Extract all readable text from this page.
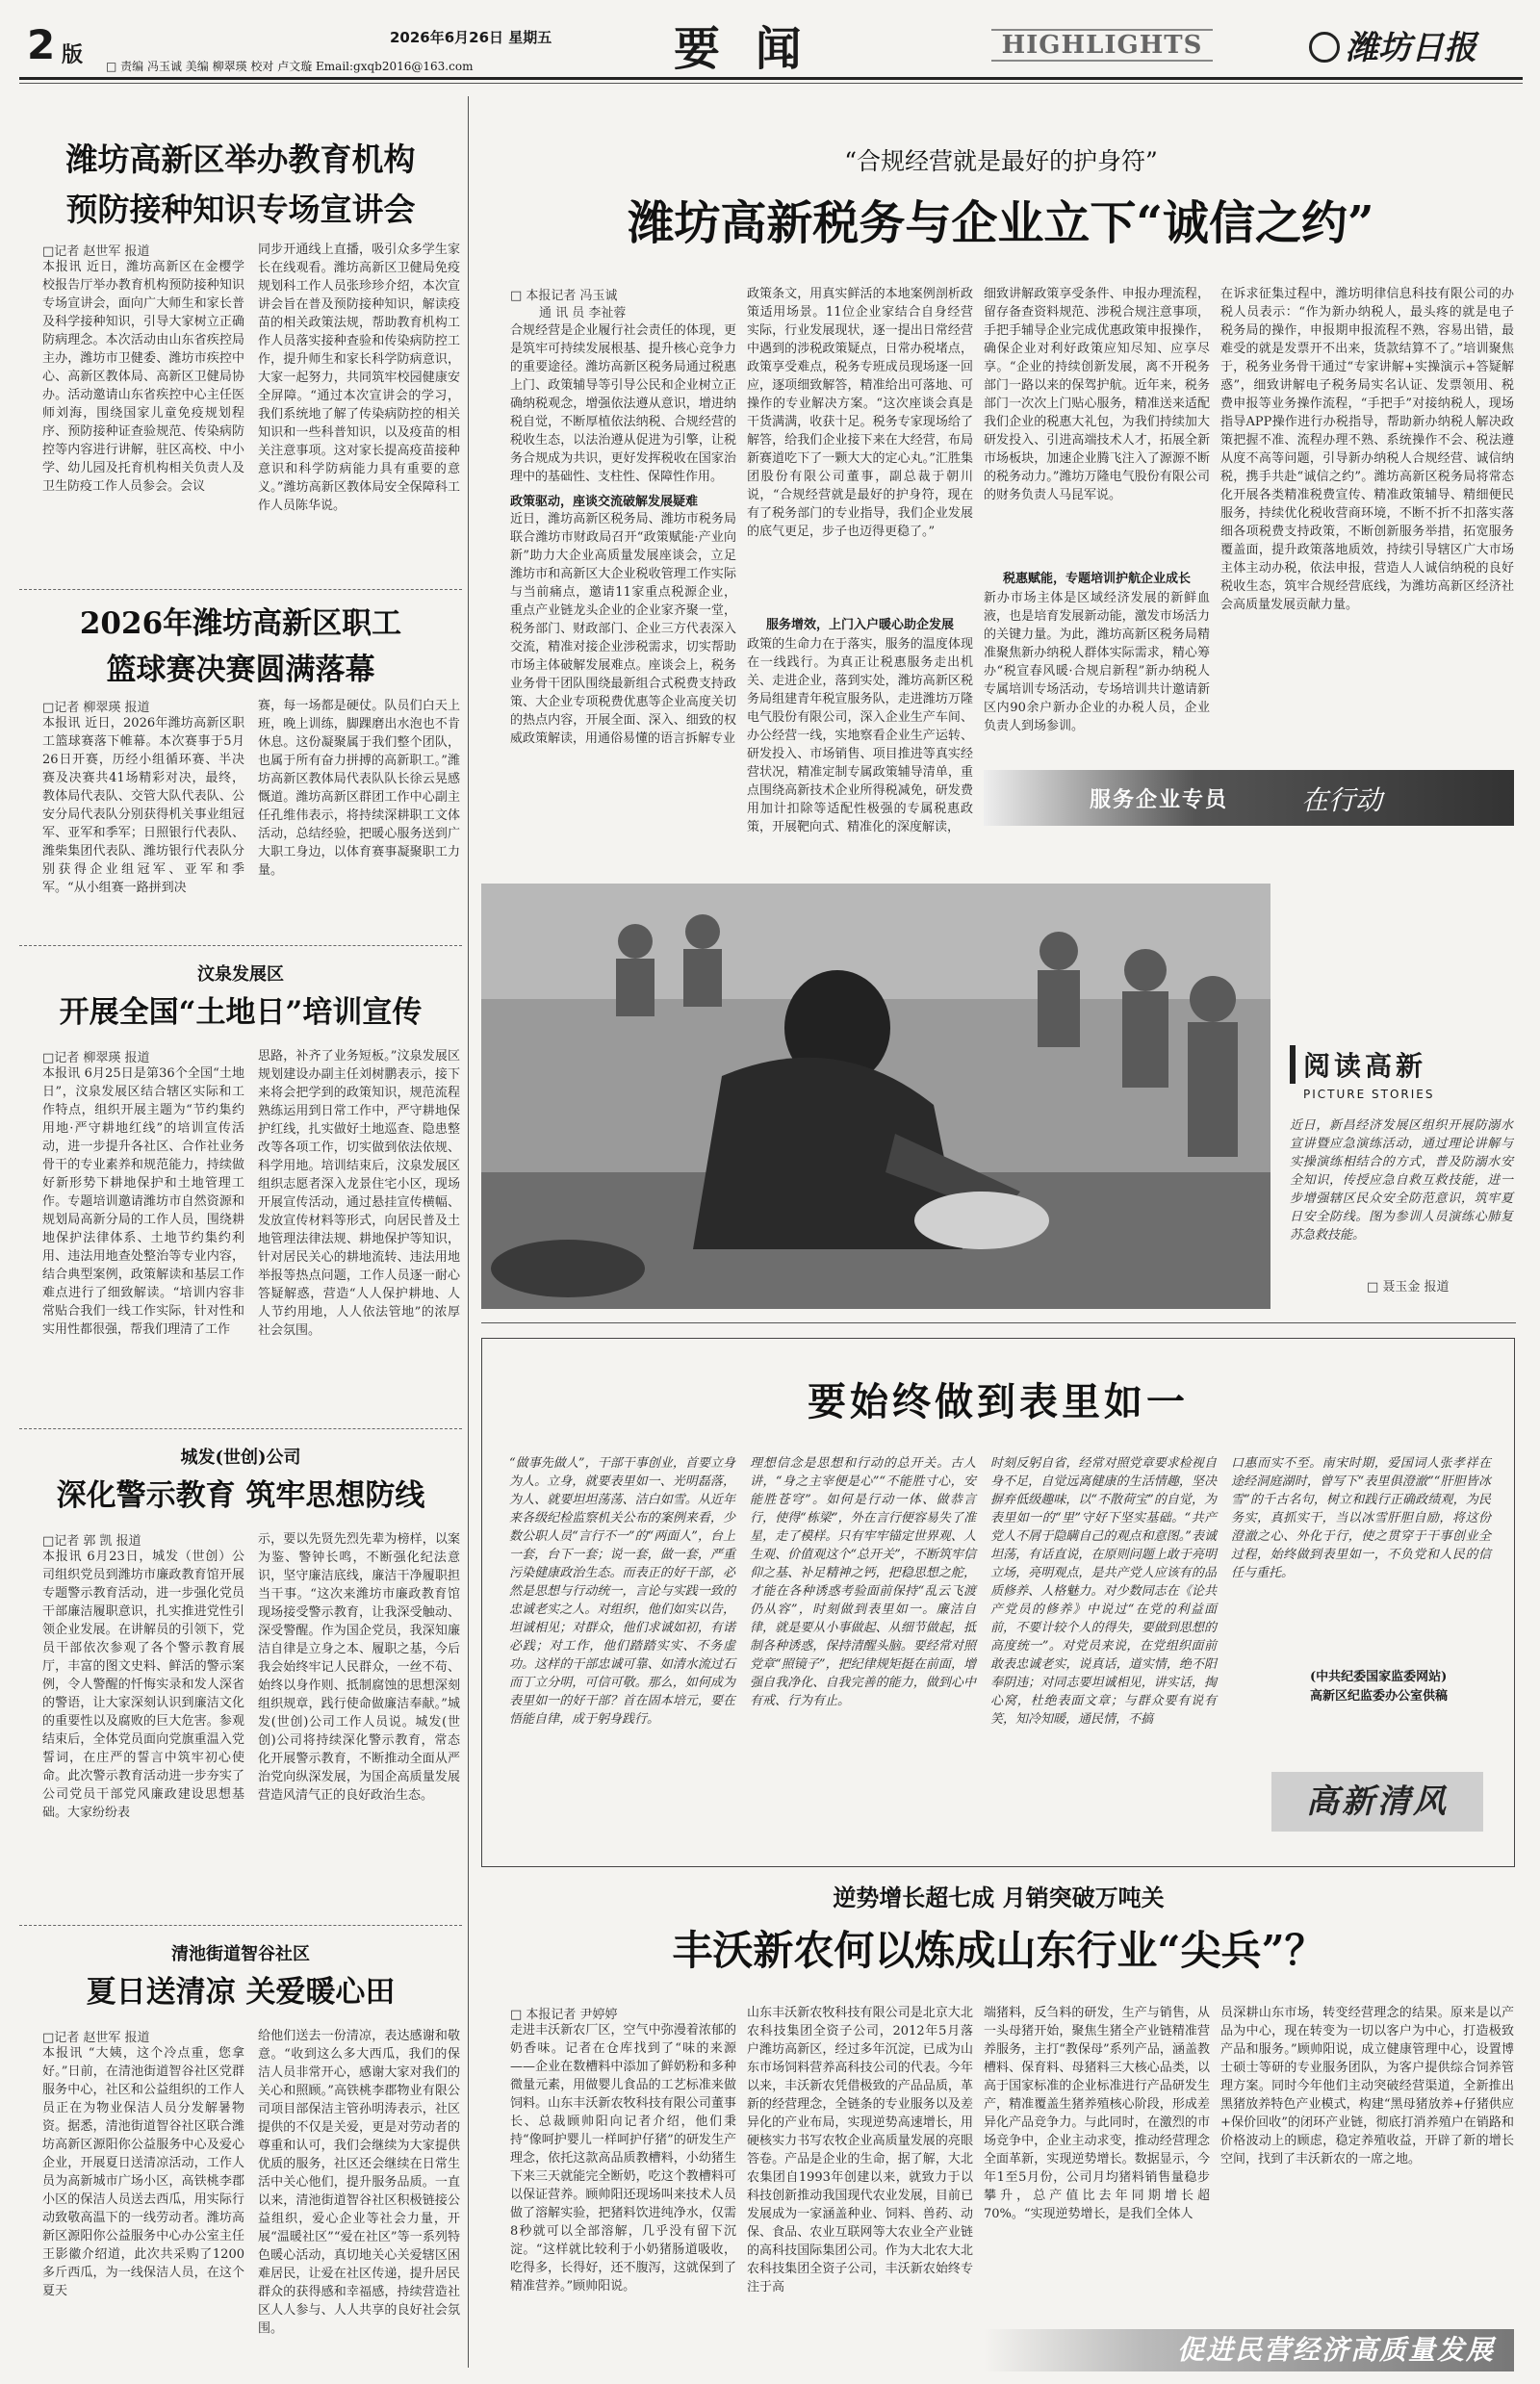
2 版 □ 责编 冯玉诚 美编 柳翠瑛 校对 卢文璇 Email:gxqb2016@163.com
2026年6月26日 星期五	要 闻	HIGHLIGHTS	潍坊日报
潍坊高新区举办教育机构
预防接种知识专场宣讲会
□记者 赵世军 报道
本报讯 近日，潍坊高新区在金樱学校报告厅举办教育机构预防接种知识专场宣讲会，面向广大师生和家长普及科学接种知识，引导大家树立正确防病理念。本次活动由山东省疾控局主办，潍坊市卫健委、潍坊市疾控中心、高新区教体局、高新区卫健局协办。活动邀请山东省疾控中心主任医师刘海，围绕国家儿童免疫规划程序、预防接种证查验规范、传染病防控等内容进行讲解，驻区高校、中小学、幼儿园及托育机构相关负责人及卫生防疫工作人员参会。会议
同步开通线上直播，吸引众多学生家长在线观看。潍坊高新区卫健局免疫规划科工作人员张珍珍介绍，本次宣讲会旨在普及预防接种知识，解读疫苗的相关政策法规，帮助教育机构工作人员落实接种查验和传染病防控工作，提升师生和家长科学防病意识，大家一起努力，共同筑牢校园健康安全屏障。“通过本次宣讲会的学习，我们系统地了解了传染病防控的相关知识和一些科普知识，以及疫苗的相关注意事项。这对家长提高疫苗接种意识和科学防病能力具有重要的意义。”潍坊高新区教体局安全保障科工作人员陈华说。
2026年潍坊高新区职工
篮球赛决赛圆满落幕
□记者 柳翠瑛 报道
本报讯 近日，2026年潍坊高新区职工篮球赛落下帷幕。本次赛事于5月26日开赛，历经小组循环赛、半决赛及决赛共41场精彩对决，最终，教体局代表队、交管大队代表队、公安分局代表队分别获得机关事业组冠军、亚军和季军；日照银行代表队、潍柴集团代表队、潍坊银行代表队分别获得企业组冠军、亚军和季军。“从小组赛一路拼到决
赛，每一场都是硬仗。队员们白天上班，晚上训练，脚踝磨出水泡也不肯休息。这份凝聚属于我们整个团队，也属于所有奋力拼搏的高新职工。”潍坊高新区教体局代表队队长徐云晃感慨道。潍坊高新区群团工作中心副主任孔维伟表示，将持续深耕职工文体活动，总结经验，把暖心服务送到广大职工身边，以体育赛事凝聚职工力量。
汶泉发展区
开展全国“土地日”培训宣传
□记者 柳翠瑛 报道
本报讯 6月25日是第36个全国“土地日”，汶泉发展区结合辖区实际和工作特点，组织开展主题为“节约集约用地·严守耕地红线”的培训宣传活动，进一步提升各社区、合作社业务骨干的专业素养和规范能力，持续做好新形势下耕地保护和土地管理工作。专题培训邀请潍坊市自然资源和规划局高新分局的工作人员，围绕耕地保护法律体系、土地节约集约利用、违法用地查处整治等专业内容，结合典型案例，政策解读和基层工作难点进行了细致解读。“培训内容非常贴合我们一线工作实际，针对性和实用性都很强，帮我们理清了工作
思路，补齐了业务短板。”汶泉发展区规划建设办副主任刘树鹏表示，接下来将会把学到的政策知识，规范流程熟练运用到日常工作中，严守耕地保护红线，扎实做好土地巡查、隐患整改等各项工作，切实做到依法依规、科学用地。培训结束后，汶泉发展区组织志愿者深入龙景住宅小区，现场开展宣传活动，通过悬挂宣传横幅、发放宣传材料等形式，向居民普及土地管理法律法规、耕地保护等知识，针对居民关心的耕地流转、违法用地举报等热点问题，工作人员逐一耐心答疑解惑，营造“人人保护耕地、人人节约用地，人人依法管地”的浓厚社会氛围。
城发(世创)公司
深化警示教育 筑牢思想防线
□记者 郭 凯 报道
本报讯 6月23日，城发（世创）公司组织党员到潍坊市廉政教育馆开展专题警示教育活动，进一步强化党员干部廉洁履职意识，扎实推进党性引领企业发展。在讲解员的引领下，党员干部依次参观了各个警示教育展厅，丰富的图文史料、鲜活的警示案例，令人警醒的忏悔实录和发人深省的警语，让大家深刻认识到廉洁文化的重要性以及腐败的巨大危害。参观结束后，全体党员面向党旗重温入党誓词，在庄严的誓言中筑牢初心使命。此次警示教育活动进一步夯实了公司党员干部党风廉政建设思想基础。大家纷纷表
示，要以先贤先烈先辈为榜样，以案为鉴、警钟长鸣，不断强化纪法意识，坚守廉洁底线，廉洁干净履职担当干事。“这次来潍坊市廉政教育馆现场接受警示教育，让我深受触动、深受警醒。作为国企党员，我深知廉洁自律是立身之本、履职之基，今后我会始终牢记人民群众，一丝不苟、始终以身作则、抵制腐蚀的思想深刻组织规章，践行使命做廉洁奉献。”城发(世创)公司工作人员说。城发(世创)公司将持续深化警示教育，常态化开展警示教育，不断推动全面从严治党向纵深发展，为国企高质量发展营造风清气正的良好政治生态。
清池街道智谷社区
夏日送清凉 关爱暖心田
□记者 赵世军 报道
本报讯 “大姨，这个冷点重，您拿好。”日前，在清池街道智谷社区党群服务中心，社区和公益组织的工作人员正在为物业保洁人员分发解暑物资。据悉，清池街道智谷社区联合潍坊高新区源阳你公益服务中心及爱心企业，开展夏日送清凉活动，工作人员为高新城市广场小区，高铁桃李郡小区的保洁人员送去西瓜，用实际行动致敬高温下的一线劳动者。潍坊高新区源阳你公益服务中心办公室主任王影徽介绍道，此次共采购了1200多斤西瓜，为一线保洁人员，在这个夏天
给他们送去一份清凉，表达感谢和敬意。“收到这么多大西瓜，我们的保洁人员非常开心，感谢大家对我们的关心和照顾。”高铁桃李郡物业有限公司项目部保洁主管孙明涛表示，社区提供的不仅是关爱，更是对劳动者的尊重和认可，我们会继续为大家提供优质的服务，社区还会继续在日常生活中关心他们，提升服务品质。一直以来，清池街道智谷社区积极链接公益组织，爱心企业等社会力量，开展“温暖社区”“爱在社区”等一系列特色暖心活动，真切地关心关爱辖区困难居民，让爱在社区传递，提升居民群众的获得感和幸福感，持续营造社区人人参与、人人共享的良好社会氛围。
“合规经营就是最好的护身符”
潍坊高新税务与企业立下“诚信之约”
□ 本报记者 冯玉诚
通 讯 员 李祉蓉
合规经营是企业履行社会责任的体现，更是筑牢可持续发展根基、提升核心竞争力的重要途径。潍坊高新区税务局通过税惠上门、政策辅导等引导公民和企业树立正确纳税观念，增强依法遵从意识，增进纳税自觉，不断厚植依法纳税、合规经营的税收生态，以法治遵从促进为引擎，让税务合规成为共识，更好发挥税收在国家治理中的基础性、支柱性、保障性作用。
政策驱动，座谈交流破解发展疑难
近日，潍坊高新区税务局、潍坊市税务局联合潍坊市财政局召开“政策赋能·产业向新”助力大企业高质量发展座谈会，立足潍坊市和高新区大企业税收管理工作实际与当前痛点，邀请11家重点税源企业，重点产业链龙头企业的企业家齐聚一堂，税务部门、财政部门、企业三方代表深入交流，精准对接企业涉税需求，切实帮助市场主体破解发展难点。座谈会上，税务业务骨干团队围绕最新组合式税费支持政策、大企业专项税费优惠等企业高度关切的热点内容，开展全面、深入、细致的权威政策解读，用通俗易懂的语言拆解专业
政策条文，用真实鲜活的本地案例剖析政策适用场景。11位企业家结合自身经营实际，行业发展现状，逐一提出日常经营中遇到的涉税政策疑点，日常办税堵点，政策享受难点，税务专班成员现场逐一回应，逐项细致解答，精准给出可落地、可操作的专业解决方案。“这次座谈会真是干货满满，收获十足。税务专家现场给了解答，给我们企业接下来在大经营，布局新赛道吃下了一颗大大的定心丸。”汇胜集团股份有限公司董事，副总裁于朝川说，“合规经营就是最好的护身符，现在有了税务部门的专业指导，我们企业发展的底气更足，步子也迈得更稳了。”
服务增效，上门入户暖心助企发展
政策的生命力在于落实，服务的温度体现在一线践行。为真正让税惠服务走出机关、走进企业，落到实处，潍坊高新区税务局组建青年税宣服务队，走进潍坊万隆电气股份有限公司，深入企业生产车间、办公经营一线，实地察看企业生产运转、研发投入、市场销售、项目推进等真实经营状况，精准定制专属政策辅导清单，重点围绕高新技术企业所得税减免，研发费用加计扣除等适配性极强的专属税惠政策，开展靶向式、精准化的深度解读，
细致讲解政策享受条件、申报办理流程，留存备查资料规范、涉税合规注意事项，手把手辅导企业完成优惠政策申报操作，确保企业对利好政策应知尽知、应享尽享。“企业的持续创新发展，离不开税务部门一路以来的保驾护航。近年来，税务部门一次次上门贴心服务，精准送来适配我们企业的税惠大礼包，为我们持续加大研发投入、引进高端技术人才，拓展全新市场板块，加速企业腾飞注入了源源不断的税务动力。”潍坊万隆电气股份有限公司的财务负责人马昆军说。
税惠赋能，专题培训护航企业成长
新办市场主体是区域经济发展的新鲜血液，也是培育发展新动能，激发市场活力的关键力量。为此，潍坊高新区税务局精准聚焦新办纳税人群体实际需求，精心筹办“税宣春风暖·合规启新程”新办纳税人专属培训专场活动，专场培训共计邀请新区内90余户新办企业的办税人员，企业负责人到场参训。
在诉求征集过程中，潍坊明律信息科技有限公司的办税人员表示：“作为新办纳税人，最头疼的就是电子税务局的操作，申报期申报流程不熟，容易出错，最难受的就是发票开不出来，货款结算不了。”培训聚焦于，税务业务骨干通过“专家讲解+实操演示+答疑解惑”，细致讲解电子税务局实名认证、发票领用、税费申报等业务操作流程，“手把手”对接纳税人，现场指导APP操作进行办税指导，帮助新办纳税人解决政策把握不准、流程办理不熟、系统操作不会、税法遵从度不高等问题，引导新办纳税人合规经营、诚信纳税，携手共赴“诚信之约”。潍坊高新区税务局将常态化开展各类精准税费宣传、精准政策辅导、精细便民服务，持续优化税收营商环境，不断不折不扣落实落细各项税费支持政策，不断创新服务举措，拓宽服务覆盖面，提升政策落地质效，持续引导辖区广大市场主体主动办税，依法申报，营造人人诚信纳税的良好税收生态，筑牢合规经营底线，为潍坊高新区经济社会高质量发展贡献力量。
服务企业专员	在行动
阅读高新
PICTURE STORIES
近日，新昌经济发展区组织开展防溺水宣讲暨应急演练活动，通过理论讲解与实操演练相结合的方式，普及防溺水安全知识，传授应急自救互救技能，进一步增强辖区民众安全防范意识，筑牢夏日安全防线。图为参训人员演练心肺复苏急救技能。
□ 聂玉金 报道
要始终做到表里如一
“做事先做人”，干部干事创业，首要立身为人。立身，就要表里如一、光明磊落，为人、就要坦坦荡荡、洁白如雪。从近年来各级纪检监察机关公布的案例来看，少数公职人员“言行不一”的“两面人”，台上一套，台下一套；说一套，做一套，严重污染健康政治生态。而表正的好干部，必然是思想与行动统一，言论与实践一致的忠诚老实之人。对组织，他们如实以告，坦诚相见；对群众，他们求诚如初，有诺必践；对工作，他们踏踏实实、不务虚功。这样的干部忠诚可靠、如清水流过石而丁立分明，可信可敬。那么，如何成为表里如一的好干部？首在固本培元，要在悟能自律，成于躬身践行。
理想信念是思想和行动的总开关。古人讲，“身之主宰便是心”“不能胜寸心，安能胜苍穹”。如何是行动一体、做恭言行，使得“栋梁”，外在言行便容易失了准星，走了模样。只有牢牢锚定世界观、人生观、价值观这个“总开关”，不断筑牢信仰之基、补足精神之钙，把稳思想之舵，才能在各种诱惑考验面前保持“乱云飞渡仍从容”，时刻做到表里如一。廉洁自律，就是要从小事做起、从细节做起，抵制各种诱惑，保持清醒头脑。要经常对照党章“照镜子”，把纪律规矩挺在前面，增强自我净化、自我完善的能力，做到心中有戒、行为有止。
时刻反躬自省，经常对照党章要求检视自身不足，自觉远离健康的生活情趣，坚决摒弃低级趣味，以“不散荷宝”的自觉，为表里如一的“里”守好下坚实基础。“共产党人不屑于隐瞒自己的观点和意图。”表诚坦荡，有话直说，在原则问题上敢于亮明立场，亮明观点，是共产党人应该有的品质修养、人格魅力。对少数同志在《论共产党员的修养》中说过“在党的利益面前，不要计较个人的得失，要做到思想的高度统一”。对党员来说，在党组织面前敢表忠诚老实，说真话，道实情，绝不阳奉阴违；对同志要坦诚相见，讲实话，掏心窝，杜绝表面文章；与群众要有说有笑，知冷知暖，通民情，不搞
口惠而实不至。南宋时期，爱国词人张孝祥在途经洞庭湖时，曾写下“表里俱澄澈”“肝胆皆冰雪”的千古名句，树立和践行正确政绩观，为民务实，真抓实干，当以冰雪肝胆自励，将这份澄澈之心、外化于行，使之贯穿于干事创业全过程，始终做到表里如一，不负党和人民的信任与重托。
(中共纪委国家监委网站)
高新区纪监委办公室供稿
高新清风
逆势增长超七成 月销突破万吨关
丰沃新农何以炼成山东行业“尖兵”？
□ 本报记者 尹婷婷
走进丰沃新农厂区，空气中弥漫着浓郁的奶香味。记者在仓库找到了“味的来源——企业在数槽料中添加了鲜奶粉和多种微量元素，用做婴儿食品的工艺标准来做饲料。山东丰沃新农牧科技有限公司董事长、总裁顾帅阳向记者介绍，他们秉持“像呵护婴儿一样呵护仔猪”的研发生产理念，依托这款高品质教槽料，小幼猪生下来三天就能完全断奶，吃这个教槽料可以保证营养。顾帅阳还现场叫来技术人员做了溶解实验，把猪料饮进纯净水，仅需8秒就可以全部溶解，几乎没有留下沉淀。“这样就比较利于小奶猪肠道吸收，吃得多，长得好，还不腹泻，这就保到了精准营养。”顾帅阳说。
山东丰沃新农牧科技有限公司是北京大北农科技集团全资子公司，2012年5月落户潍坊高新区，经过多年沉淀，已成为山东市场饲料营养高科技公司的代表。今年以来，丰沃新农凭借极致的产品品质，革新的经营理念，全链条的专业服务以及差异化的产业布局，实现逆势高速增长，用硬核实力书写农牧企业高质量发展的亮眼答卷。产品是企业的生命，据了解，大北农集团自1993年创建以来，就致力于以科技创新推动我国现代农业发展，目前已发展成为一家涵盖种业、饲料、兽药、动保、食品、农业互联网等大农业全产业链的高科技国际集团公司。作为大北农大北农科技集团全资子公司，丰沃新农始终专注于高
端猪料，反刍料的研发，生产与销售，从一头母猪开始，聚焦生猪全产业链精准营养服务，主打“教保母”系列产品，涵盖教槽料、保育料、母猪料三大核心品类，以高于国家标准的企业标准进行产品研发生产，精准覆盖生猪养殖核心阶段，形成差异化产品竞争力。与此同时，在激烈的市场竞争中，企业主动求变，推动经营理念全面革新，实现逆势增长。数据显示，今年1至5月份，公司月均猪料销售量稳步攀升，总产值比去年同期增长超70%。“实现逆势增长，是我们全体人
员深耕山东市场，转变经营理念的结果。原来是以产品为中心，现在转变为一切以客户为中心，打造极致产品和服务。”顾帅阳说，成立健康管理中心，设置博士硕士等研的专业服务团队，为客户提供综合饲养管理方案。同时今年他们主动突破经营渠道，全新推出黑猪放养特色产业模式，构建“黑母猪放养+仔猪供应+保价回收”的闭环产业链，彻底打消养殖户在销路和价格波动上的顾虑，稳定养殖收益，开辟了新的增长空间，找到了丰沃新农的一席之地。
促进民营经济高质量发展
